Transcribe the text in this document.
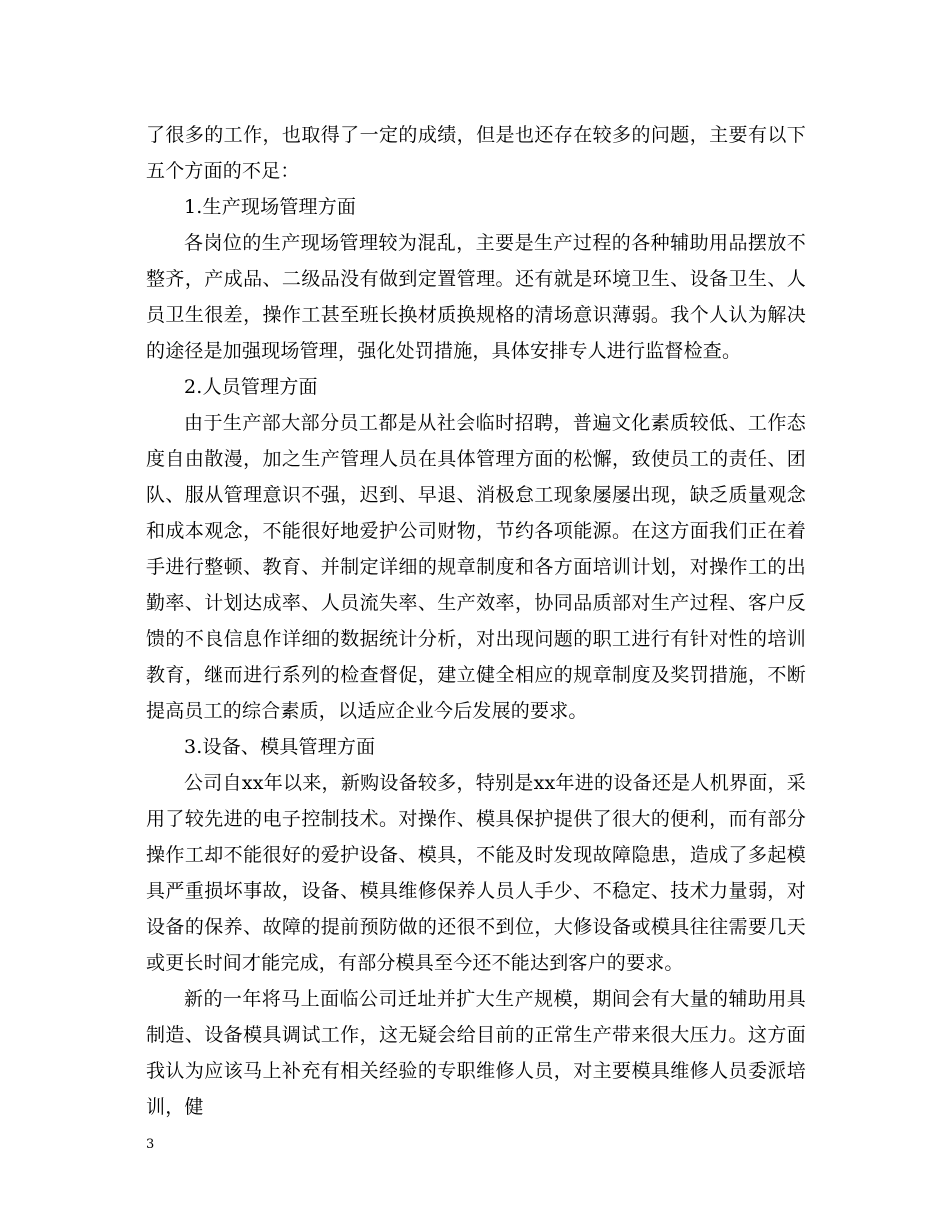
了很多的工作，也取得了一定的成绩，但是也还存在较多的问题，主要有以下五个方面的不足：

1.生产现场管理方面

各岗位的生产现场管理较为混乱，主要是生产过程的各种辅助用品摆放不整齐，产成品、二级品没有做到定置管理。还有就是环境卫生、设备卫生、人员卫生很差，操作工甚至班长换材质换规格的清场意识薄弱。我个人认为解决的途径是加强现场管理，强化处罚措施，具体安排专人进行监督检查。

2.人员管理方面

由于生产部大部分员工都是从社会临时招聘，普遍文化素质较低、工作态度自由散漫，加之生产管理人员在具体管理方面的松懈，致使员工的责任、团队、服从管理意识不强，迟到、早退、消极怠工现象屡屡出现，缺乏质量观念和成本观念，不能很好地爱护公司财物，节约各项能源。在这方面我们正在着手进行整顿、教育、并制定详细的规章制度和各方面培训计划，对操作工的出勤率、计划达成率、人员流失率、生产效率，协同品质部对生产过程、客户反馈的不良信息作详细的数据统计分析，对出现问题的职工进行有针对性的培训教育，继而进行系列的检查督促，建立健全相应的规章制度及奖罚措施，不断提高员工的综合素质，以适应企业今后发展的要求。

3.设备、模具管理方面

公司自xx年以来，新购设备较多，特别是xx年进的设备还是人机界面，采用了较先进的电子控制技术。对操作、模具保护提供了很大的便利，而有部分操作工却不能很好的爱护设备、模具，不能及时发现故障隐患，造成了多起模具严重损坏事故，设备、模具维修保养人员人手少、不稳定、技术力量弱，对设备的保养、故障的提前预防做的还很不到位，大修设备或模具往往需要几天或更长时间才能完成，有部分模具至今还不能达到客户的要求。

新的一年将马上面临公司迁址并扩大生产规模，期间会有大量的辅助用具制造、设备模具调试工作，这无疑会给目前的正常生产带来很大压力。这方面我认为应该马上补充有相关经验的专职维修人员，对主要模具维修人员委派培训，健

3
